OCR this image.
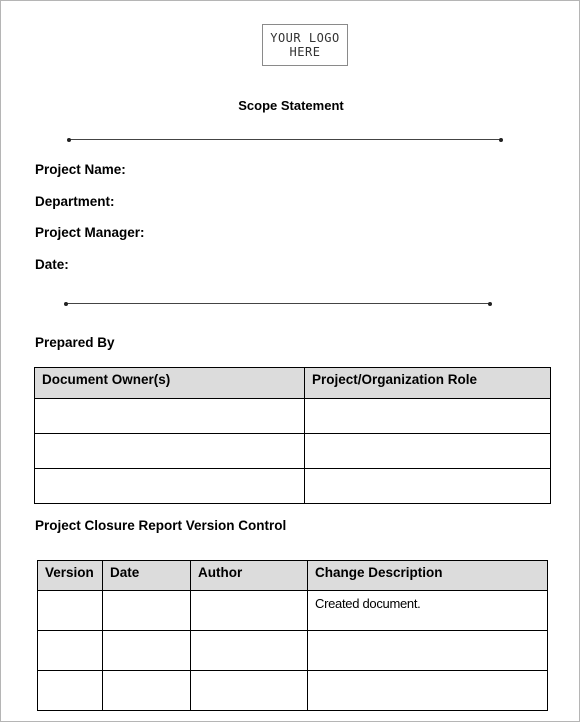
YOUR LOGO
HERE
Scope Statement
Project Name:
Department:
Project Manager:
Date:
Prepared By
Document Owner(s)	Project/Organization Role

Project Closure Report Version Control
Version	Date	Author	Change Description
			Created document.
